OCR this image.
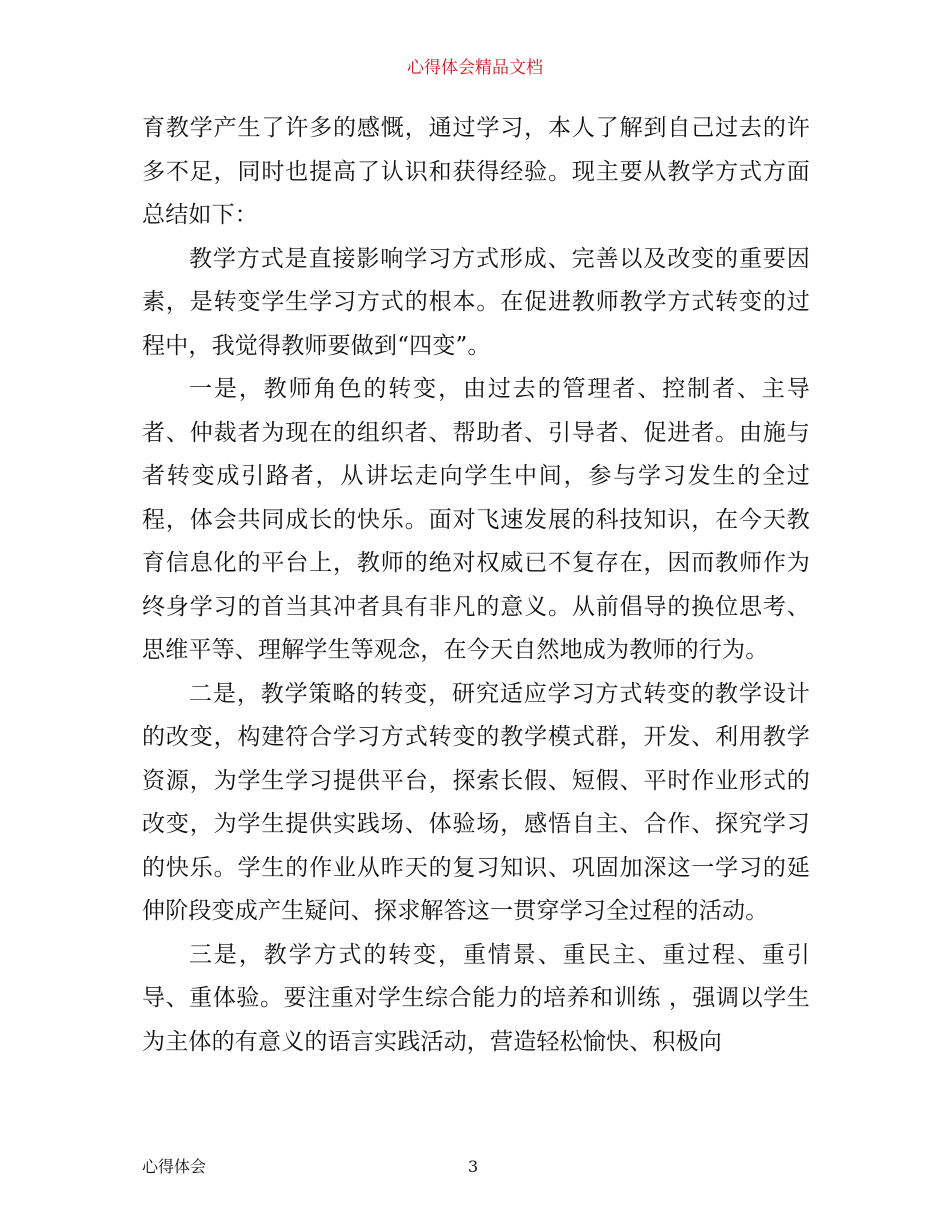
心得体会精品文档

育教学产生了许多的感慨，通过学习，本人了解到自己过去的许多不足，同时也提高了认识和获得经验。现主要从教学方式方面总结如下：

教学方式是直接影响学习方式形成、完善以及改变的重要因素，是转变学生学习方式的根本。在促进教师教学方式转变的过程中，我觉得教师要做到“四变”。

一是，教师角色的转变，由过去的管理者、控制者、主导者、仲裁者为现在的组织者、帮助者、引导者、促进者。由施与者转变成引路者，从讲坛走向学生中间，参与学习发生的全过程，体会共同成长的快乐。面对飞速发展的科技知识，在今天教育信息化的平台上，教师的绝对权威已不复存在，因而教师作为终身学习的首当其冲者具有非凡的意义。从前倡导的换位思考、思维平等、理解学生等观念，在今天自然地成为教师的行为。

二是，教学策略的转变，研究适应学习方式转变的教学设计的改变，构建符合学习方式转变的教学模式群，开发、利用教学资源，为学生学习提供平台，探索长假、短假、平时作业形式的改变，为学生提供实践场、体验场，感悟自主、合作、探究学习的快乐。学生的作业从昨天的复习知识、巩固加深这一学习的延伸阶段变成产生疑问、探求解答这一贯穿学习全过程的活动。

三是，教学方式的转变，重情景、重民主、重过程、重引导、重体验。要注重对学生综合能力的培养和训练 ，强调以学生为主体的有意义的语言实践活动，营造轻松愉快、积极向

心得体会	3
